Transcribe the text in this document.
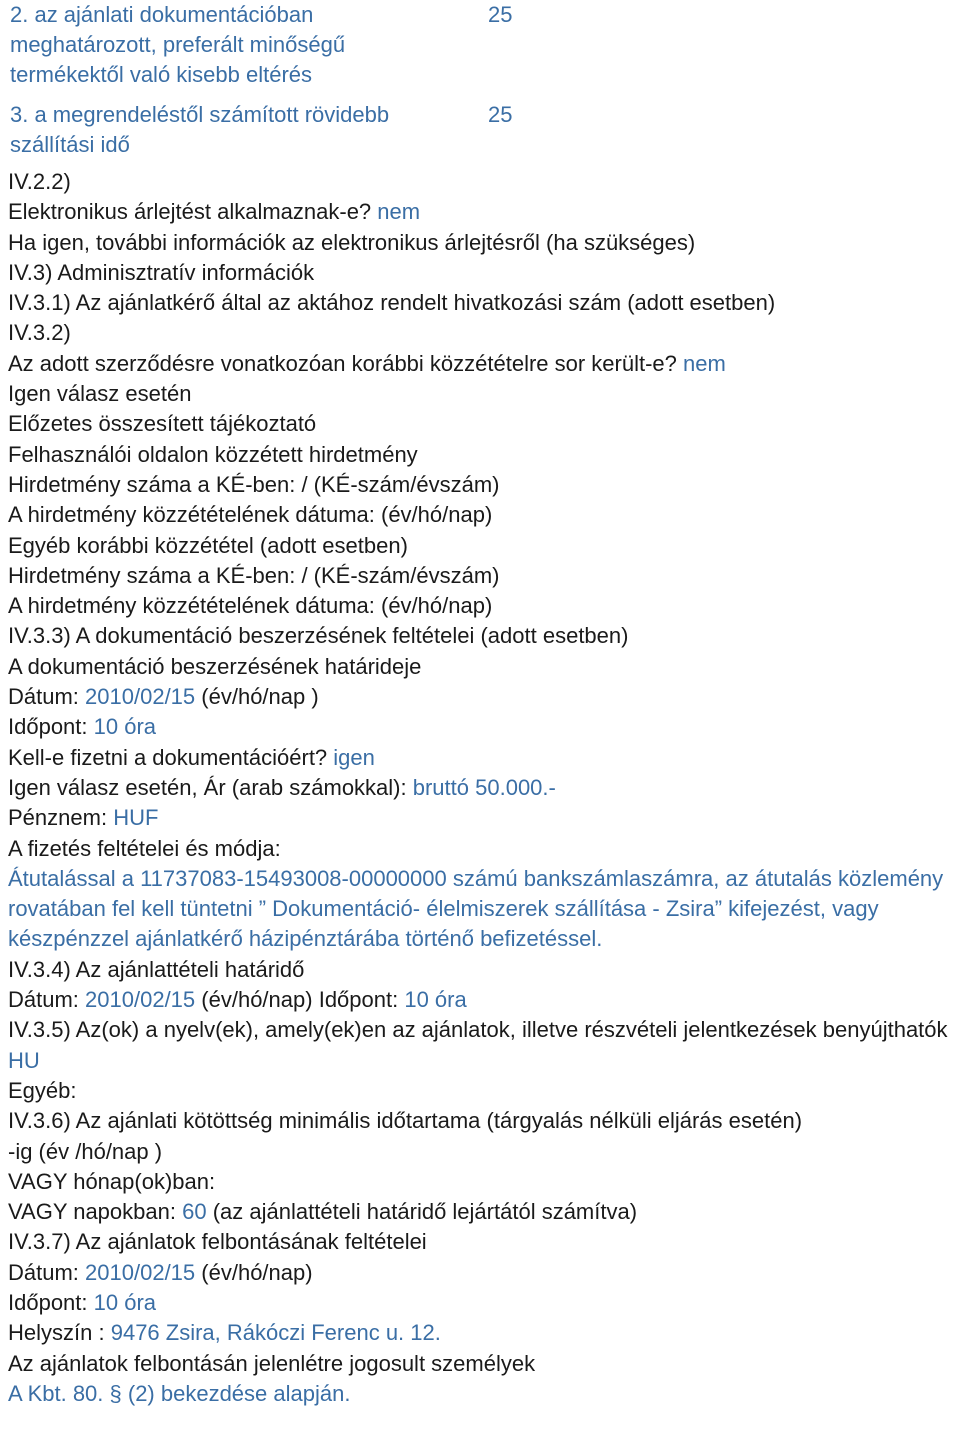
2. az ajánlati dokumentációban meghatározott, preferált minőségű termékektől való kisebb eltérés
25
3. a megrendeléstől számított rövidebb szállítási idő
25
IV.2.2)
Elektronikus árlejtést alkalmaznak-e? nem
Ha igen, további információk az elektronikus árlejtésről (ha szükséges)
IV.3) Adminisztratív információk
IV.3.1) Az ajánlatkérő által az aktához rendelt hivatkozási szám (adott esetben)
IV.3.2)
Az adott szerződésre vonatkozóan korábbi közzétételre sor került-e? nem
Igen válasz esetén
Előzetes összesített tájékoztató
Felhasználói oldalon közzétett hirdetmény
Hirdetmény száma a KÉ-ben: / (KÉ-szám/évszám)
A hirdetmény közzétételének dátuma: (év/hó/nap)
Egyéb korábbi közzététel (adott esetben)
Hirdetmény száma a KÉ-ben: / (KÉ-szám/évszám)
A hirdetmény közzétételének dátuma: (év/hó/nap)
IV.3.3) A dokumentáció beszerzésének feltételei (adott esetben)
A dokumentáció beszerzésének határideje
Dátum: 2010/02/15 (év/hó/nap )
Időpont: 10 óra
Kell-e fizetni a dokumentációért? igen
Igen válasz esetén, Ár (arab számokkal): bruttó 50.000.-
Pénznem: HUF
A fizetés feltételei és módja:
Átutalással a 11737083-15493008-00000000 számú bankszámlaszámra, az átutalás közlemény rovatában fel kell tüntetni ” Dokumentáció- élelmiszerek szállítása - Zsira” kifejezést, vagy készpénzzel ajánlatkérő házipénztárába történő befizetéssel.
IV.3.4) Az ajánlattételi határidő
Dátum: 2010/02/15 (év/hó/nap) Időpont: 10 óra
IV.3.5) Az(ok) a nyelv(ek), amely(ek)en az ajánlatok, illetve részvételi jelentkezések benyújthatók
HU
Egyéb:
IV.3.6) Az ajánlati kötöttség minimális időtartama (tárgyalás nélküli eljárás esetén)
-ig (év /hó/nap )
VAGY hónap(ok)ban:
VAGY napokban: 60 (az ajánlattételi határidő lejártától számítva)
IV.3.7) Az ajánlatok felbontásának feltételei
Dátum: 2010/02/15 (év/hó/nap)
Időpont: 10 óra
Helyszín : 9476 Zsira, Rákóczi Ferenc u. 12.
Az ajánlatok felbontásán jelenlétre jogosult személyek
A Kbt. 80. § (2) bekezdése alapján.
